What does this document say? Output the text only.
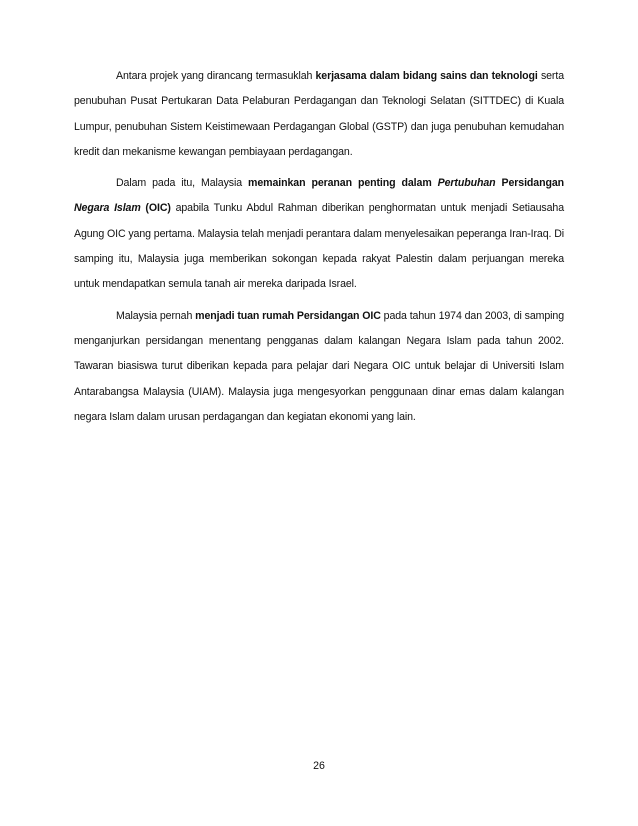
Antara projek yang dirancang termasuklah kerjasama dalam bidang sains dan teknologi serta penubuhan Pusat Pertukaran Data Pelaburan Perdagangan dan Teknologi Selatan (SITTDEC) di Kuala Lumpur, penubuhan Sistem Keistimewaan Perdagangan Global (GSTP) dan juga penubuhan kemudahan kredit dan mekanisme kewangan pembiayaan perdagangan.

Dalam pada itu, Malaysia memainkan peranan penting dalam Pertubuhan Persidangan Negara Islam (OIC) apabila Tunku Abdul Rahman diberikan penghormatan untuk menjadi Setiausaha Agung OIC yang pertama. Malaysia telah menjadi perantara dalam menyelesaikan peperanga Iran-Iraq. Di samping itu, Malaysia juga memberikan sokongan kepada rakyat Palestin dalam perjuangan mereka untuk mendapatkan semula tanah air mereka daripada Israel.

Malaysia pernah menjadi tuan rumah Persidangan OIC pada tahun 1974 dan 2003, di samping menganjurkan persidangan menentang pengganas dalam kalangan Negara Islam pada tahun 2002. Tawaran biasiswa turut diberikan kepada para pelajar dari Negara OIC untuk belajar di Universiti Islam Antarabangsa Malaysia (UIAM). Malaysia juga mengesyorkan penggunaan dinar emas dalam kalangan negara Islam dalam urusan perdagangan dan kegiatan ekonomi yang lain.

26
